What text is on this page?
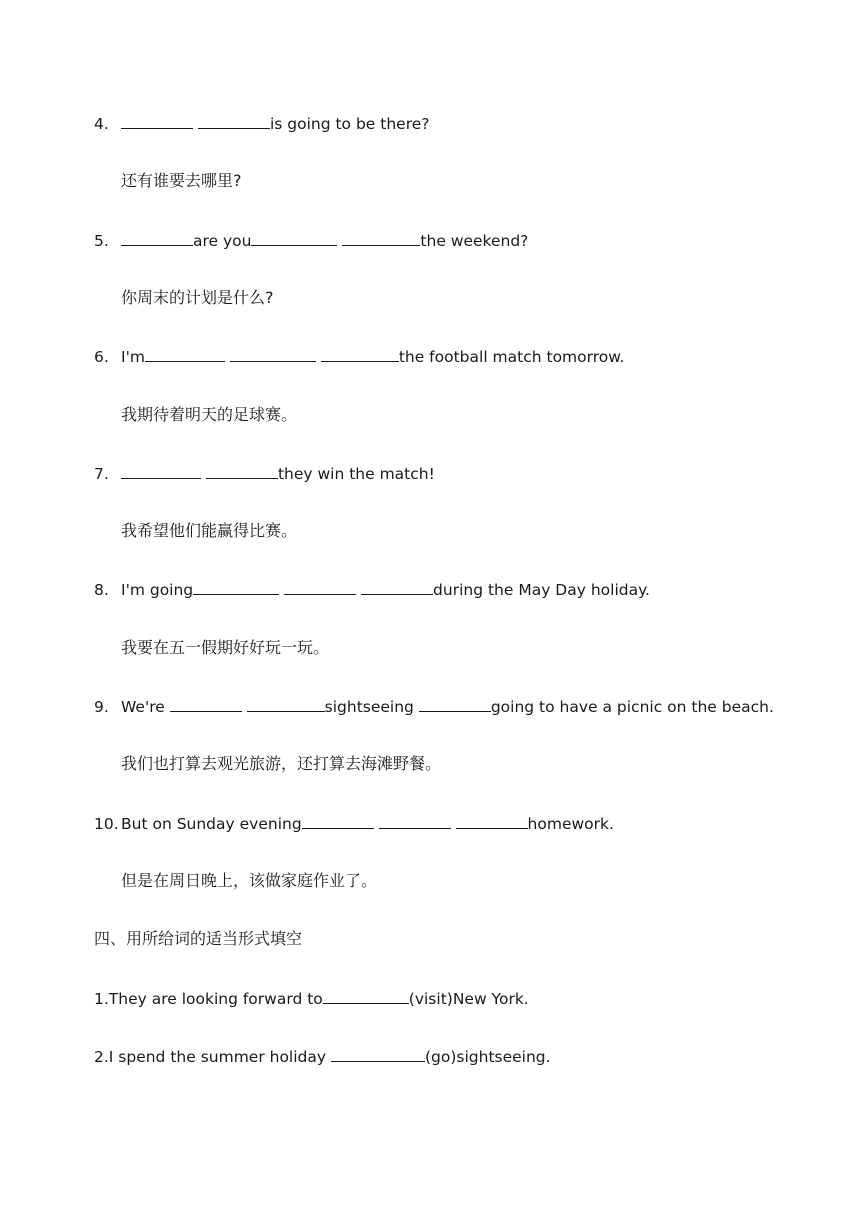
4.	is going to be there?
还有谁要去哪里?
5.	are you	the weekend?
你周末的计划是什么?
6. I'm	the football match tomorrow.
我期待着明天的足球赛。
7.	they win the match!
我希望他们能赢得比赛。
8. I'm going	during the May Day holiday.
我要在五一假期好好玩一玩。
9. We're	sightseeing	going to have a picnic on the beach.
我们也打算去观光旅游，还打算去海滩野餐。
10. But on Sunday evening	homework.
但是在周日晚上，该做家庭作业了。
四、用所给词的适当形式填空
1.They are looking forward to	(visit)New York.
2.I spend the summer holiday	(go)sightseeing.
